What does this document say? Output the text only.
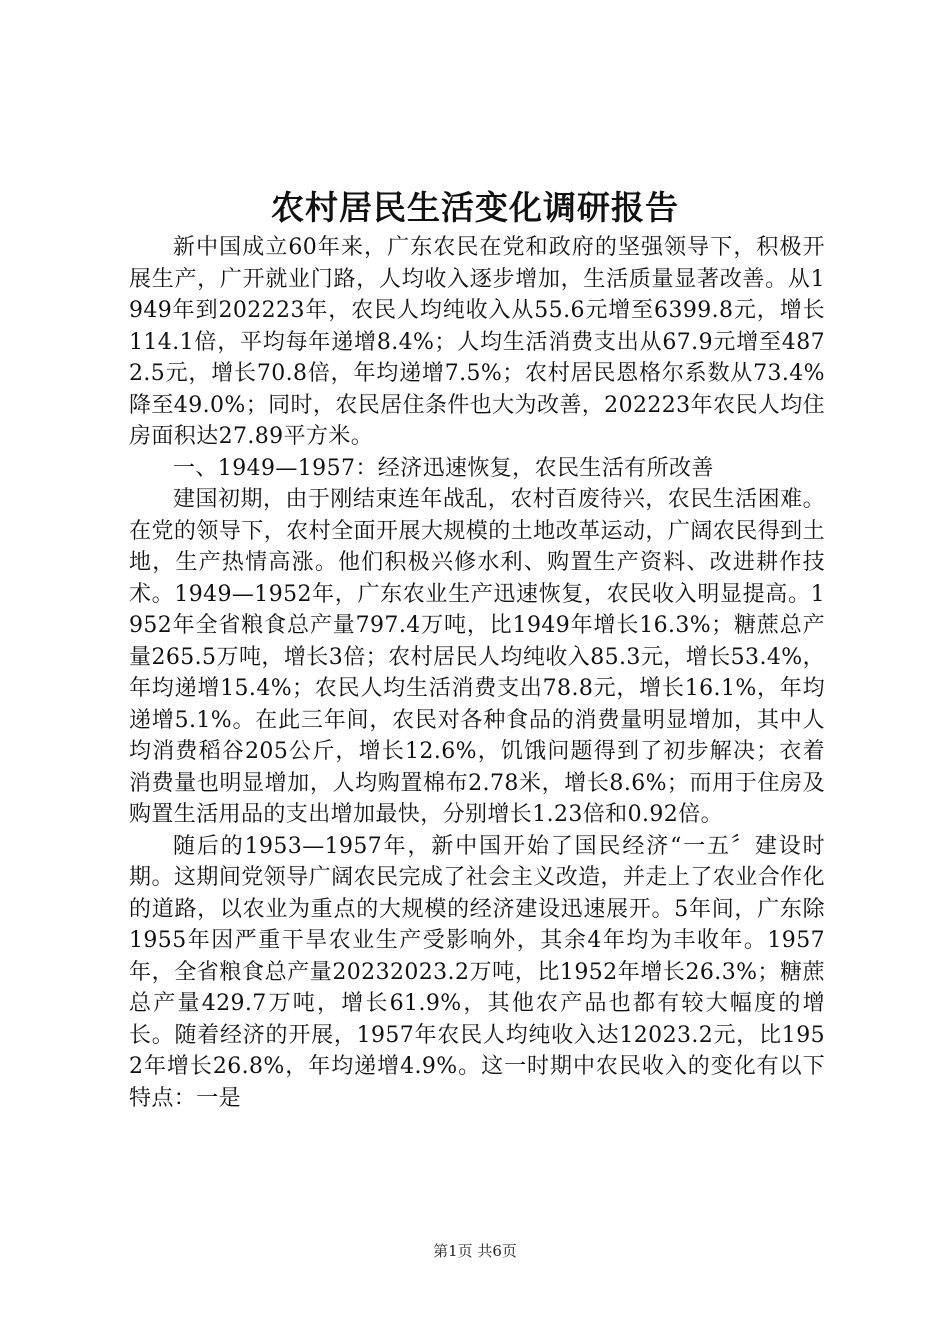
农村居民生活变化调研报告

新中国成立60年来，广东农民在党和政府的坚强领导下，积极开展生产，广开就业门路，人均收入逐步增加，生活质量显著改善。从1949年到202223年，农民人均纯收入从55.6元增至6399.8元，增长114.1倍，平均每年递增8.4%；人均生活消费支出从67.9元增至4872.5元，增长70.8倍，年均递增7.5%；农村居民恩格尔系数从73.4%降至49.0%；同时，农民居住条件也大为改善，202223年农民人均住房面积达27.89平方米。

一、1949—1957：经济迅速恢复，农民生活有所改善

建国初期，由于刚结束连年战乱，农村百废待兴，农民生活困难。在党的领导下，农村全面开展大规模的土地改革运动，广阔农民得到土地，生产热情高涨。他们积极兴修水利、购置生产资料、改进耕作技术。1949—1952年，广东农业生产迅速恢复，农民收入明显提高。1952年全省粮食总产量797.4万吨，比1949年增长16.3%；糖蔗总产量265.5万吨，增长3倍；农村居民人均纯收入85.3元，增长53.4%，年均递增15.4%；农民人均生活消费支出78.8元，增长16.1%，年均递增5.1%。在此三年间，农民对各种食品的消费量明显增加，其中人均消费稻谷205公斤，增长12.6%，饥饿问题得到了初步解决；衣着消费量也明显增加，人均购置棉布2.78米，增长8.6%；而用于住房及购置生活用品的支出增加最快，分别增长1.23倍和0.92倍。

随后的1953—1957年，新中国开始了国民经济“一五〞建设时期。这期间党领导广阔农民完成了社会主义改造，并走上了农业合作化的道路，以农业为重点的大规模的经济建设迅速展开。5年间，广东除1955年因严重干旱农业生产受影响外，其余4年均为丰收年。1957年，全省粮食总产量20232023.2万吨，比1952年增长26.3%；糖蔗总产量429.7万吨，增长61.9%，其他农产品也都有较大幅度的增长。随着经济的开展，1957年农民人均纯收入达12023.2元，比1952年增长26.8%，年均递增4.9%。这一时期中农民收入的变化有以下特点：一是

第1页 共6页
